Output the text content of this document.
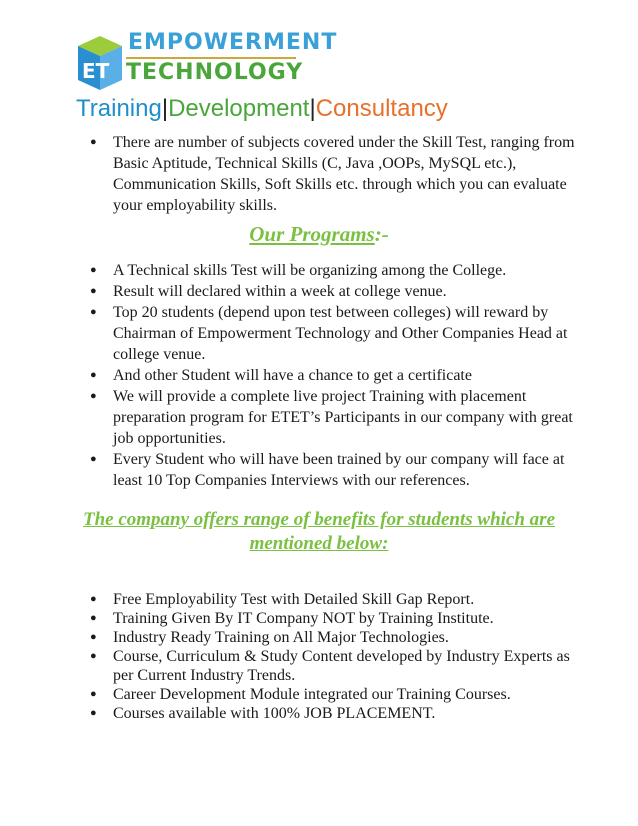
ET
EMPOWERMENT
TECHNOLOGY
Training|Development|Consultancy
● There are number of subjects covered under the Skill Test, ranging from Basic Aptitude, Technical Skills (C, Java ,OOPs, MySQL etc.), Communication Skills, Soft Skills etc. through which you can evaluate your employability skills.
Our Programs:-
● A Technical skills Test will be organizing among the College.
● Result will declared within a week at college venue.
● Top 20 students (depend upon test between colleges) will reward by Chairman of Empowerment Technology and Other Companies Head at college venue.
● And other Student will have a chance to get a certificate
● We will provide a complete live project Training with placement preparation program for ETET’s Participants in our company with great job opportunities.
● Every Student who will have been trained by our company will face at least 10 Top Companies Interviews with our references.
The company offers range of benefits for students which are mentioned below:
● Free Employability Test with Detailed Skill Gap Report.
● Training Given By IT Company NOT by Training Institute.
● Industry Ready Training on All Major Technologies.
● Course, Curriculum & Study Content developed by Industry Experts as per Current Industry Trends.
● Career Development Module integrated our Training Courses.
● Courses available with 100% JOB PLACEMENT.
